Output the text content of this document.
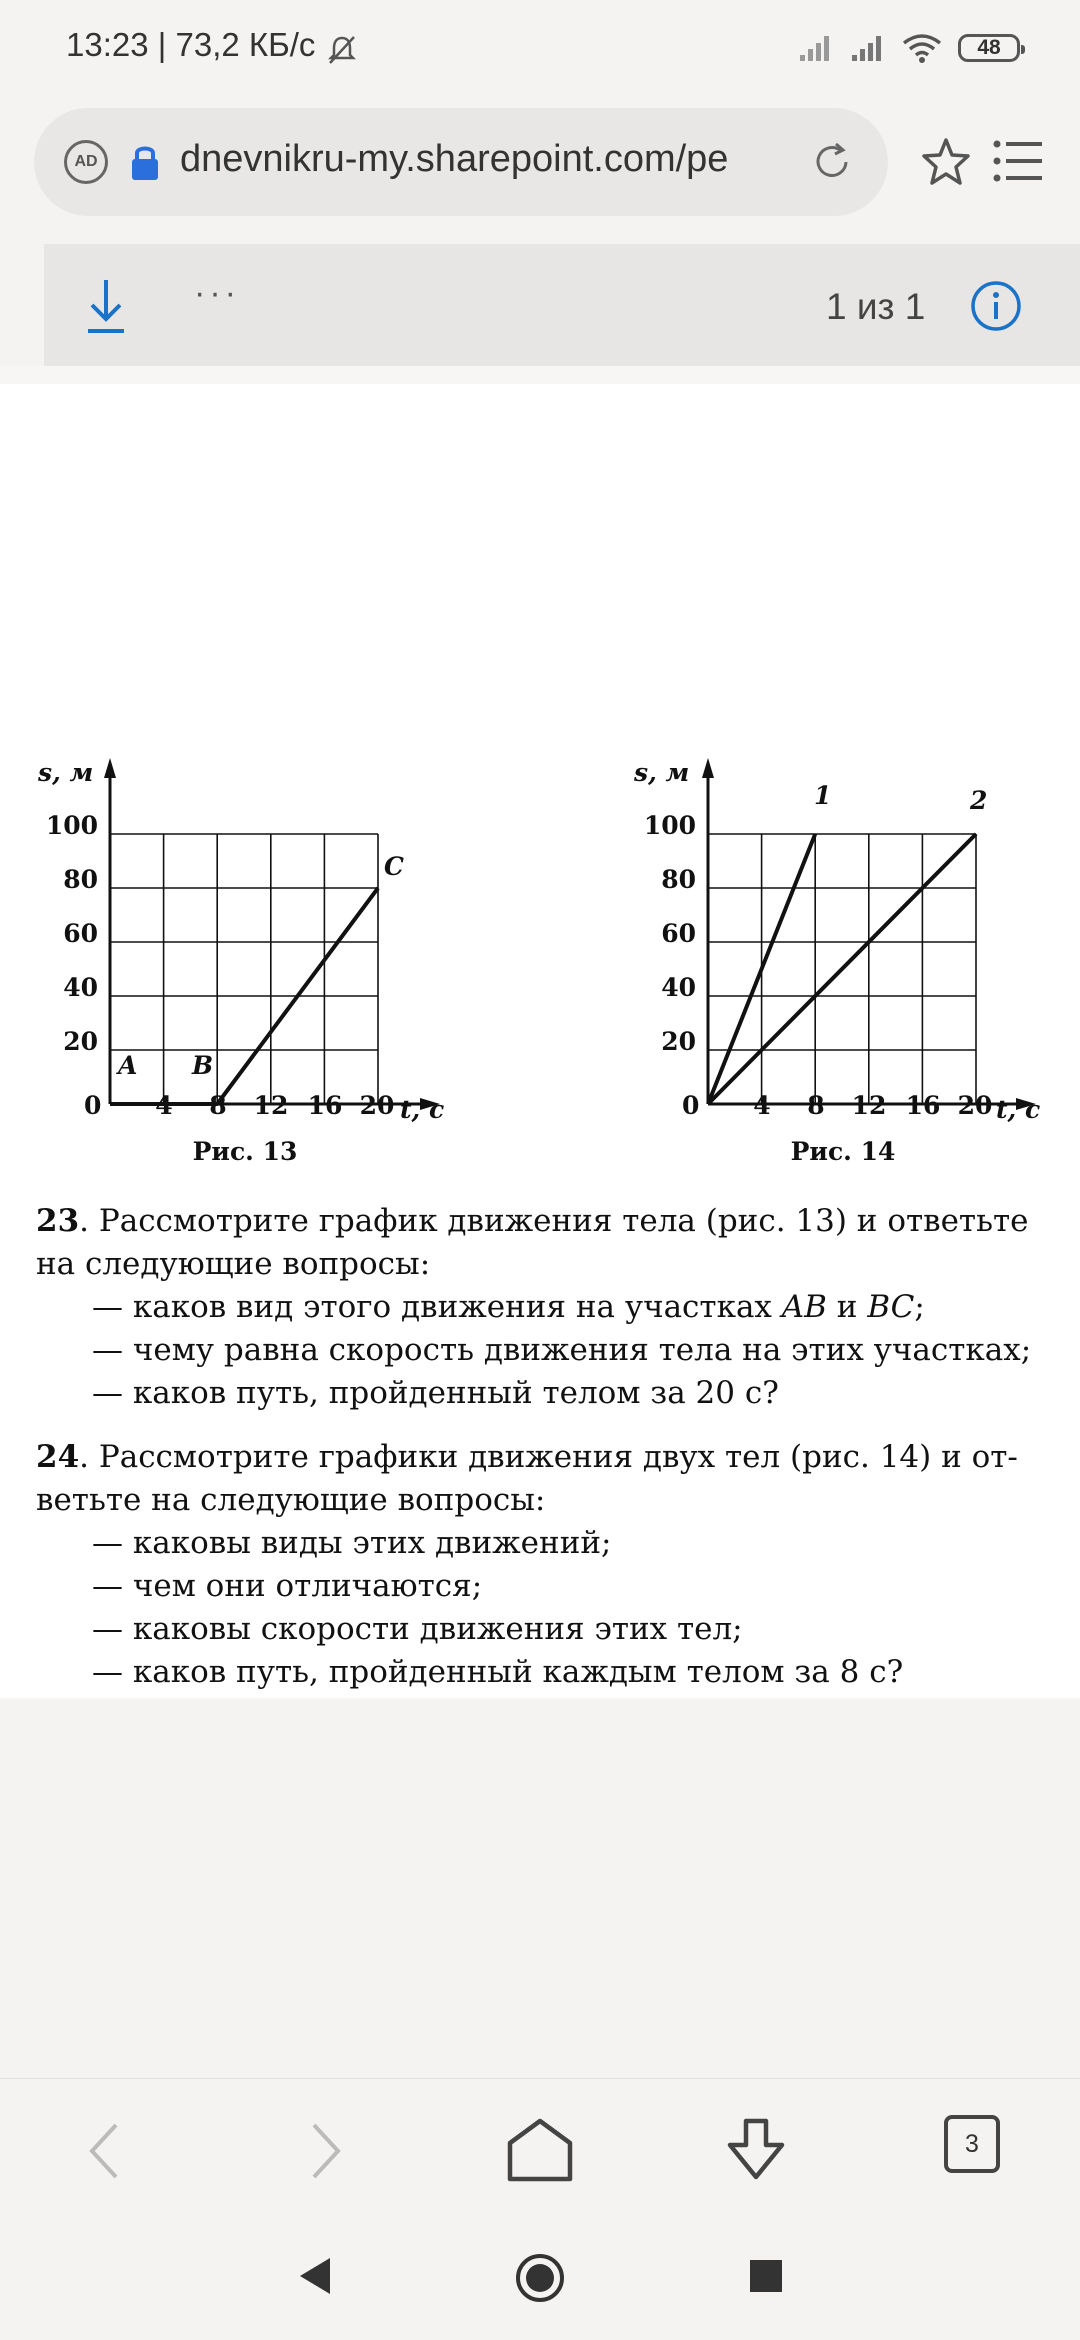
13:23 | 73,2 КБ/с	48
AD dnevnikru-my.sharepoint.com/pe
···	1 из 1
s, м
t, с
0 4 8 12 16 20
20
40
60
80
100
A B
C
Рис. 13
s, м
t, с
0 4 8 12 16 20
20
40
60
80
100
1	2
Рис. 14
23. Рассмотрите график движения тела (рис. 13) и ответьте
на следующие вопросы:
— каков вид этого движения на участках AB и BC;
— чему равна скорость движения тела на этих участках;
— каков путь, пройденный телом за 20 с?
24. Рассмотрите графики движения двух тел (рис. 14) и от-
ветьте на следующие вопросы:
— каковы виды этих движений;
— чем они отличаются;
— каковы скорости движения этих тел;
— каков путь, пройденный каждым телом за 8 с?
3
